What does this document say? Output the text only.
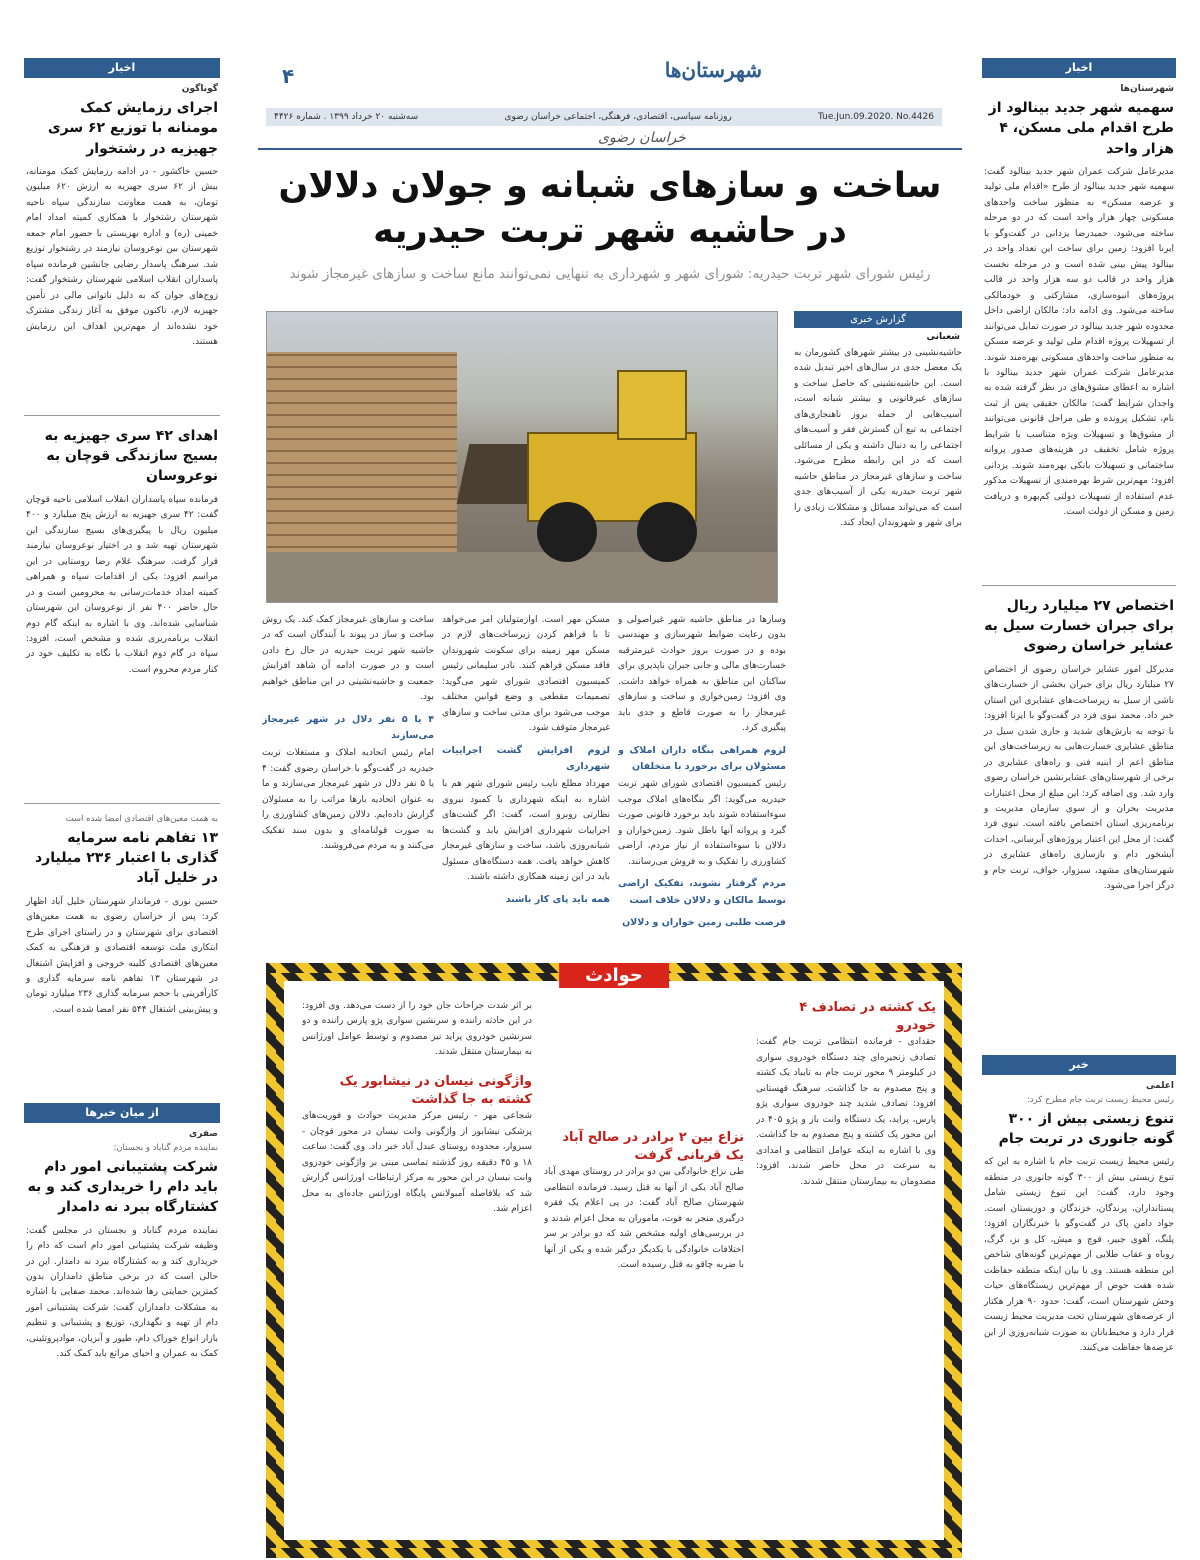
اخبار
شهرستان‌ها
سهمیه شهر جدید بینالود از طرح اقدام ملی مسکن، ۴ هزار واحد
مدیرعامل شرکت عمران شهر جدید بینالود گفت: سهمیه شهر جدید بینالود از طرح «اقدام ملی تولید و عرضه مسکن» به منظور ساخت واحدهای مسکونی چهار هزار واحد است که در دو مرحله ساخته می‌شود. حمیدرضا یزدانی در گفت‌وگو با ایرنا افزود: زمین برای ساخت این تعداد واحد در بینالود پیش بینی شده است و در مرحله نخست هزار واحد در قالب دو سه هزار واحد در قالب پروژه‌های انبوه‌سازی، مشارکتی و خودمالکی ساخته می‌شود. وی ادامه داد: مالکان اراضی داخل محدوده شهر جدید بینالود در صورت تمایل می‌توانند از تسهیلات پروژه اقدام ملی تولید و عرضه مسکن به منظور ساخت واحدهای مسکونی بهره‌مند شوند. مدیرعامل شرکت عمران شهر جدید بینالود با اشاره به اعطای مشوق‌های در نظر گرفته شده به واجدان شرایط گفت: مالکان حقیقی پس از ثبت نام، تشکیل پرونده و طی مراحل قانونی می‌توانند از مشوق‌ها و تسهیلات ویژه متناسب با شرایط پروژه شامل تخفیف در هزینه‌های صدور پروانه ساختمانی و تسهیلات بانکی بهره‌مند شوند. یزدانی افزود: مهم‌ترین شرط بهره‌مندی از تسهیلات مذکور عدم استفاده از تسهیلات دولتی کم‌بهره و دریافت زمین و مسکن از دولت است.
اختصاص ۲۷ میلیارد ریال برای جبران خسارت سیل به عشایر خراسان رضوی
مدیرکل امور عشایر خراسان رضوی از اختصاص ۲۷ میلیارد ریال برای جبران بخشی از خسارت‌های ناشی از سیل به زیرساخت‌های عشایری این استان خبر داد. محمد نبوی فرد در گفت‌وگو با ایرنا افزود: با توجه به بارش‌های شدید و جاری شدن سیل در مناطق عشایری خسارت‌هایی به زیرساخت‌های این مناطق اعم از ابنیه فنی و راه‌های عشایری در برخی از شهرستان‌های عشایرنشین خراسان رضوی وارد شد. وی اضافه کرد: این مبلغ از محل اعتبارات مدیریت بحران و از سوی سازمان مدیریت و برنامه‌ریزی استان اختصاص یافته است. نبوی فرد گفت: از محل این اعتبار پروژه‌های آبرسانی، احداث آبشخور دام و بازسازی راه‌های عشایری در شهرستان‌های مشهد، سبزوار، خواف، تربت جام و درگز اجرا می‌شود.
خبر
اعلمی
رئیس محیط زیست تربت جام مطرح کرد:
تنوع زیستی بیش از ۳۰۰ گونه جانوری در تربت جام
رئیس محیط زیست تربت جام با اشاره به این که تنوع زیستی بیش از ۳۰۰ گونه جانوری در منطقه وجود دارد، گفت: این تنوع زیستی شامل پستانداران، پرندگان، خزندگان و دوزیستان است. جواد دامن پاک در گفت‌وگو با خبرنگاران افزود: پلنگ، آهوی جبیر، قوچ و میش، کل و بز، گرگ، روباه و عقاب طلایی از مهم‌ترین گونه‌های شاخص این منطقه هستند. وی با بیان اینکه منطقه حفاظت شده هفت حوض از مهم‌ترین زیستگاه‌های حیات وحش شهرستان است، گفت: حدود ۹۰ هزار هکتار از عرصه‌های شهرستان تحت مدیریت محیط زیست قرار دارد و محیط‌بانان به صورت شبانه‌روزی از این عرصه‌ها حفاظت می‌کنند.
اخبار
گوناگون
اجرای رزمایش کمک مومنانه با توزیع ۶۲ سری جهیزیه در رشتخوار
حسین خاکشور - در ادامه رزمایش کمک مومنانه، بیش از ۶۲ سری جهیزیه به ارزش ۶۲۰ میلیون تومان، به همت معاونت سازندگی سپاه ناحیه شهرستان رشتخوار با همکاری کمیته امداد امام خمینی (ره) و اداره بهزیستی با حضور امام جمعه شهرستان بین نوعروسان نیازمند در رشتخوار توزیع شد. سرهنگ پاسدار رضایی جانشین فرمانده سپاه پاسداران انقلاب اسلامی شهرستان رشتخوار گفت: زوج‌های جوان که به دلیل ناتوانی مالی در تأمین جهیزیه لازم، تاکنون موفق به آغاز زندگی مشترک خود نشده‌اند از مهم‌ترین اهداف این رزمایش هستند.
اهدای ۴۲ سری جهیزیه به بسیج سازندگی قوچان به نوعروسان
فرمانده سپاه پاسداران انقلاب اسلامی ناحیه قوچان گفت: ۴۲ سری جهیزیه به ارزش پنج میلیارد و ۴۰۰ میلیون ریال با پیگیری‌های بسیج سازندگی این شهرستان تهیه شد و در اختیار نوعروسان نیازمند قرار گرفت. سرهنگ غلام رضا روستایی در این مراسم افزود: یکی از اقدامات سپاه و همراهی کمیته امداد خدمات‌رسانی به محرومین است و در حال حاضر ۴۰۰ نفر از نوعروسان این شهرستان شناسایی شده‌اند. وی با اشاره به اینکه گام دوم انقلاب برنامه‌ریزی شده و مشخص است، افزود: سپاه در گام دوم انقلاب با نگاه به تکلیف خود در کنار مردم محروم است.
به همت معین‌های اقتصادی امضا شده است
۱۳ تفاهم نامه سرمایه گذاری با اعتبار ۲۳۶ میلیارد در خلیل آباد
حسین نوری - فرماندار شهرستان خلیل آباد اظهار کرد: پس از خراسان رضوی به همت معین‌های اقتصادی برای شهرستان و در راستای اجرای طرح ابتکاری ملت توسعه اقتصادی و فرهنگی به کمک معین‌های اقتصادی کلیبه خروجی و افزایش اشتغال در شهرستان ۱۳ تفاهم نامه سرمایه گذاری و کارآفرینی با حجم سرمایه گذاری ۲۳۶ میلیارد تومان و پیش‌بینی اشتغال ۵۴۴ نفر امضا شده است.
از میان خبرها
صفری
نماینده مردم گناباد و بجستان:
شرکت پشتیبانی امور دام باید دام را خریداری کند و به کشتارگاه ببرد نه دامدار
نماینده مردم گناباد و بجستان در مجلس گفت: وظیفه شرکت پشتیبانی امور دام است که دام را خریداری کند و به کشتارگاه ببرد نه دامدار. این در حالی است که در برخی مناطق دامداران بدون کمترین حمایتی رها شده‌اند. محمد صفایی با اشاره به مشکلات دامداران گفت: شرکت پشتیبانی امور دام از تهیه و نگهداری، توزیع و پشتیبانی و تنظیم بازار انواع خوراک دام، طیور و آبزیان، موادپروتئینی، کمک به عمران و احیای مراتع باید کمک کند.
شهرستان‌ها
۴
Tue.Jun.09.2020. No.4426
روزنامه سیاسی، اقتصادی، فرهنگی، اجتماعی خراسان رضوی
سه‌شنبه ۲۰ خرداد ۱۳۹۹ . شماره ۴۴۲۶
خراسان رضوی
ساخت و سازهای شبانه و جولان دلالان
در حاشیه شهر تربت حیدریه
رئیس شورای شهر تربت حیدریه: شورای شهر و شهرداری به تنهایی نمی‌توانند مانع ساخت و سازهای غیرمجاز شوند
گزارش خبری
شعبانی
حاشیه‌نشینی در بیشتر شهرهای کشورمان به یک معضل جدی در سال‌های اخیر تبدیل شده است. این حاشیه‌نشینی که حاصل ساخت و سازهای غیرقانونی و بیشتر شبانه است، آسیب‌هایی از جمله بروز ناهنجاری‌های اجتماعی به تبع آن گسترش فقر و آسیب‌های اجتماعی را به دنبال داشته و یکی از مسائلی است که در این رابطه مطرح می‌شود. ساخت و سازهای غیرمجاز در مناطق حاشیه شهر تربت حیدریه یکی از آسیب‌های جدی است که می‌تواند مسائل و مشکلات زیادی را برای شهر و شهروندان ایجاد کند.
وسازها در مناطق حاشیه شهر غیراصولی و بدون رعایت ضوابط شهرسازی و مهندسی بوده و در صورت بروز حوادث غیرمترقبه خسارت‌های مالی و جانی جبران ناپذیری برای ساکنان این مناطق به همراه خواهد داشت. وی افزود: زمین‌خواری و ساخت و سازهای غیرمجاز را به صورت قاطع و جدی باید پیگیری کرد.
لزوم همراهی بنگاه داران املاک و مسئولان برای برخورد با متخلفان
رئیس کمیسیون اقتصادی شورای شهر تربت حیدریه می‌گوید: اگر بنگاه‌های املاک موجب سوءاستفاده شوند باید برخورد قانونی صورت گیرد و پروانه آنها باطل شود. زمین‌خواران و دلالان با سوءاستفاده از نیاز مردم، اراضی کشاورزی را تفکیک و به فروش می‌رسانند.
مردم گرفتار نشوند، تفکیک اراضی توسط مالکان و دلالان خلاف است
فرصت طلبی زمین خواران و دلالان
مسکن مهر است. اوازمتولیان امر می‌خواهد تا با فراهم کردن زیرساخت‌های لازم در مسکن مهر زمینه برای سکونت شهروندان فاقد مسکن فراهم کنند. نادر سلیمانی رئیس کمیسیون اقتصادی شورای شهر می‌گوید: تصمیمات مقطعی و وضع قوانین مختلف موجب می‌شود برای مدتی ساخت و سازهای غیرمجاز متوقف شود.
لزوم افزایش گشت اجراییات شهرداری
مهرداد مطلع نایب رئیس شورای شهر هم با اشاره به اینکه شهرداری با کمبود نیروی نظارتی روبرو است، گفت: اگر گشت‌های اجراییات شهرداری افزایش یابد و گشت‌ها شبانه‌روزی باشد، ساخت و سازهای غیرمجاز کاهش خواهد یافت. همه دستگاه‌های مسئول باید در این زمینه همکاری داشته باشند.
همه باید پای کار باشند
ساخت و سازهای غیرمجاز کمک کند. یک روش ساخت و ساز در پیوند با آیندگان است که در حاشیه شهر تربت حیدریه در حال رخ دادن است و در صورت ادامه آن شاهد افزایش جمعیت و حاشیه‌نشینی در این مناطق خواهیم بود.
۴ یا ۵ نفر دلال در شهر غیرمجاز می‌سازند
امام رئیس اتحادیه املاک و مستغلات تربت حیدریه در گفت‌وگو با خراسان رضوی گفت: ۴ یا ۵ نفر دلال در شهر غیرمجاز می‌سازند و ما به عنوان اتحادیه بارها مراتب را به مسئولان گزارش داده‌ایم. دلالان زمین‌های کشاورزی را به صورت قولنامه‌ای و بدون سند تفکیک می‌کنند و به مردم می‌فروشند.
حوادث
یک کشته در تصادف ۴ خودرو
حقدادی - فرمانده انتظامی تربت جام گفت: تصادف زنجیره‌ای چند دستگاه خودروی سواری در کیلومتر ۹ محور تربت جام به تایباد یک کشته و پنج مصدوم به جا گذاشت. سرهنگ قهستانی افزود: تصادف شدید چند خودروی سواری پژو پارس، پراید، یک دستگاه وانت بار و پژو ۴۰۵ در این محور یک کشته و پنج مصدوم به جا گذاشت. وی با اشاره به اینکه عوامل انتظامی و امدادی به سرعت در محل حاضر شدند، افزود: مصدومان به بیمارستان منتقل شدند.
نزاع بین ۲ برادر در صالح آباد یک قربانی گرفت
طی نزاع خانوادگی بین دو برادر در روستای مهدی آباد صالح آباد یکی از آنها به قتل رسید. فرمانده انتظامی شهرستان صالح آباد گفت: در پی اعلام یک فقره درگیری منجر به فوت، ماموران به محل اعزام شدند و در بررسی‌های اولیه مشخص شد که دو برادر بر سر اختلافات خانوادگی با یکدیگر درگیر شده و یکی از آنها با ضربه چاقو به قتل رسیده است.
بر اثر شدت جراحات جان خود را از دست می‌دهد. وی افزود: در این حادثه راننده و سرنشین سواری پژو پارس راننده و دو سرنشین خودروی پراید نیز مصدوم و توسط عوامل اورژانس به بیمارستان منتقل شدند.
واژگونی نیسان در نیشابور یک کشته به جا گذاشت
شجاعی مهر - رئیس مرکز مدیریت حوادث و فوریت‌های پزشکی نیشابور از واژگونی وانت نیسان در محور قوچان - سبزوار، محدوده روستای عبدل آباد خبر داد. وی گفت: ساعت ۱۸ و ۴۵ دقیقه روز گذشته تماسی مبنی بر واژگونی خودروی وانت نیسان در این محور به مرکز ارتباطات اورژانس گزارش شد که بلافاصله آمبولانس پایگاه اورژانس جاده‌ای به محل اعزام شد.
